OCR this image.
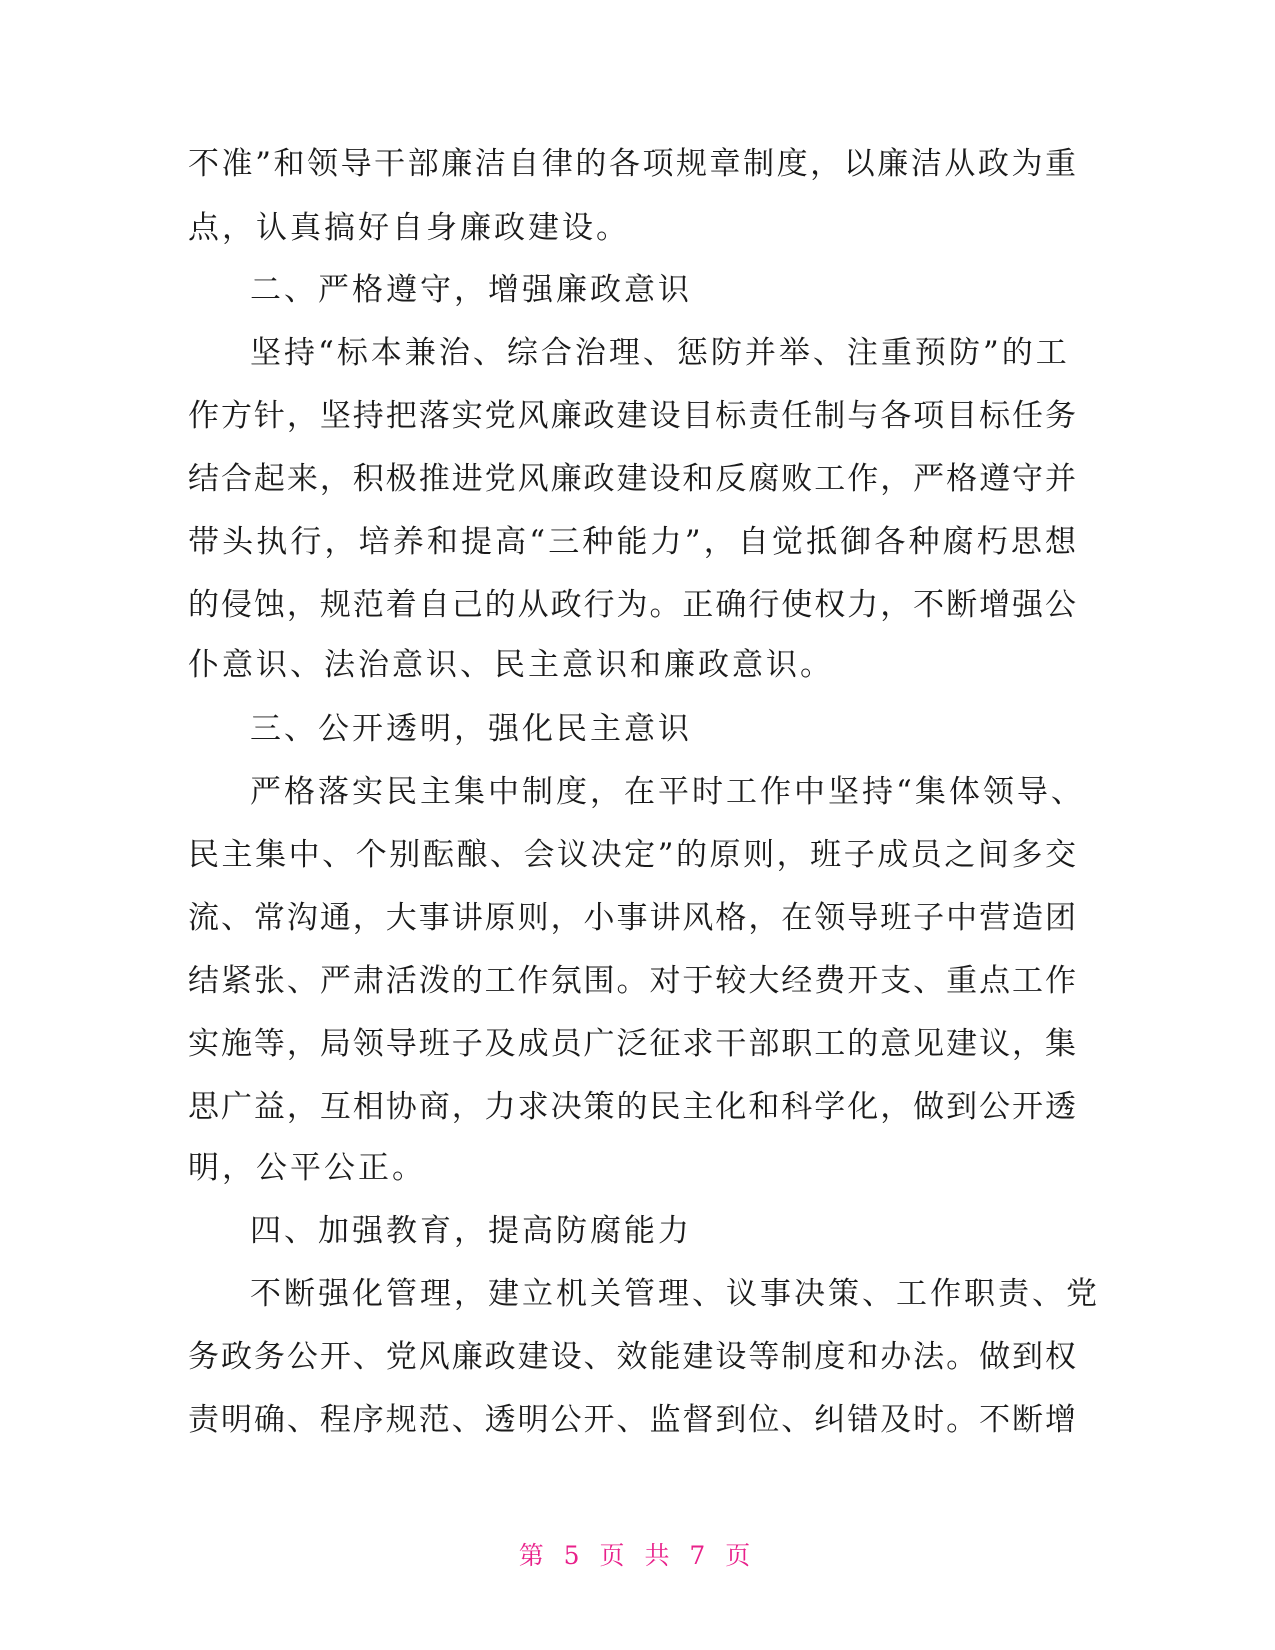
不准”和领导干部廉洁自律的各项规章制度，以廉洁从政为重
点，认真搞好自身廉政建设。
二、严格遵守，增强廉政意识
坚持“标本兼治、综合治理、惩防并举、注重预防”的工
作方针，坚持把落实党风廉政建设目标责任制与各项目标任务
结合起来，积极推进党风廉政建设和反腐败工作，严格遵守并
带头执行，培养和提高“三种能力”，自觉抵御各种腐朽思想
的侵蚀，规范着自己的从政行为。正确行使权力，不断增强公
仆意识、法治意识、民主意识和廉政意识。
三、公开透明，强化民主意识
严格落实民主集中制度，在平时工作中坚持“集体领导、
民主集中、个别酝酿、会议决定”的原则，班子成员之间多交
流、常沟通，大事讲原则，小事讲风格，在领导班子中营造团
结紧张、严肃活泼的工作氛围。对于较大经费开支、重点工作
实施等，局领导班子及成员广泛征求干部职工的意见建议，集
思广益，互相协商，力求决策的民主化和科学化，做到公开透
明，公平公正。
四、加强教育，提高防腐能力
不断强化管理，建立机关管理、议事决策、工作职责、党
务政务公开、党风廉政建设、效能建设等制度和办法。做到权
责明确、程序规范、透明公开、监督到位、纠错及时。不断增
第 5 页 共 7 页
